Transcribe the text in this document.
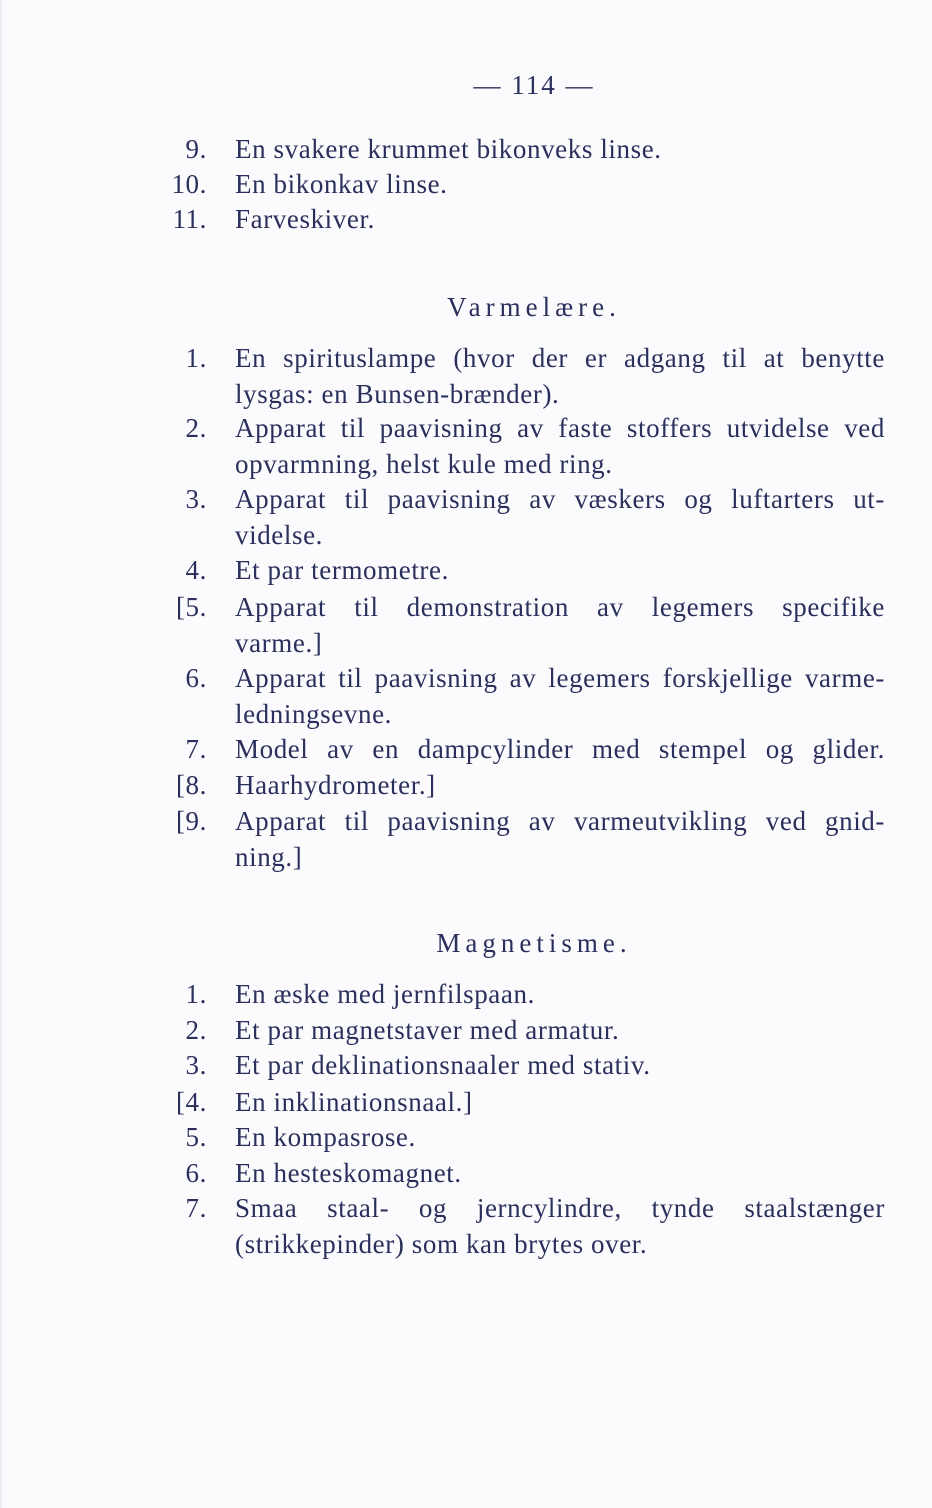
— 114 —
9. En svakere krummet bikonveks linse.
10. En bikonkav linse.
11. Farveskiver.
Varmelære.
1. En spirituslampe (hvor der er adgang til at benytte
lysgas: en Bunsen-brænder).
2. Apparat til paavisning av faste stoffers utvidelse ved
opvarmning, helst kule med ring.
3. Apparat til paavisning av væskers og luftarters ut-
videlse.
4. Et par termometre.
[5. Apparat til demonstration av legemers specifike
varme.]
6. Apparat til paavisning av legemers forskjellige varme-
ledningsevne.
7. Model av en dampcylinder med stempel og glider.
[8. Haarhydrometer.]
[9. Apparat til paavisning av varmeutvikling ved gnid-
ning.]
Magnetisme.
1. En æske med jernfilspaan.
2. Et par magnetstaver med armatur.
3. Et par deklinationsnaaler med stativ.
[4. En inklinationsnaal.]
5. En kompasrose.
6. En hesteskomagnet.
7. Smaa staal- og jerncylindre, tynde staalstænger
(strikkepinder) som kan brytes over.
